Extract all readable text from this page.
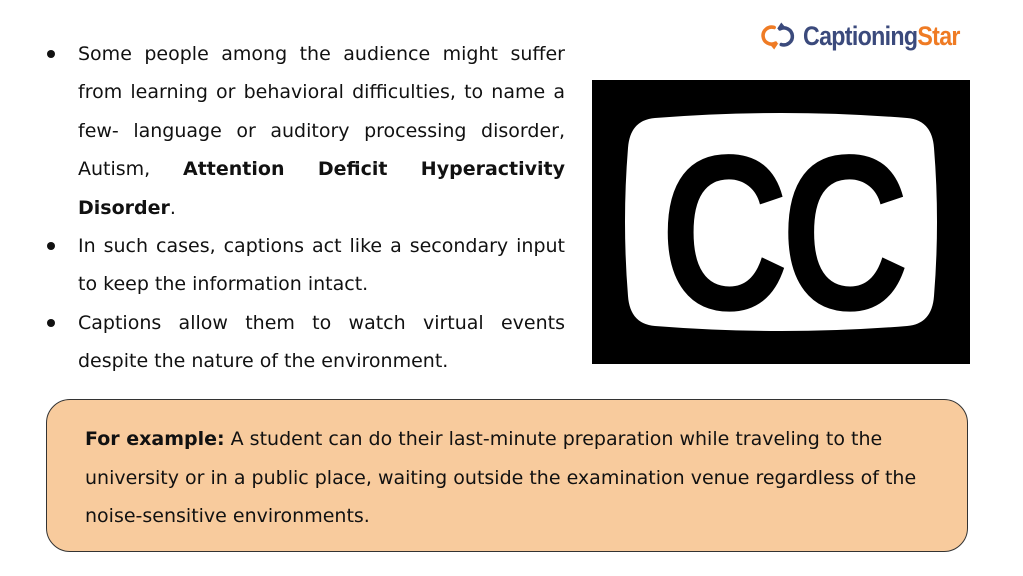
CaptioningStar
Some people among the audience might suffer from learning or behavioral difficulties, to name a few- language or auditory processing disorder, Autism, Attention Deficit Hyperactivity Disorder.
In such cases, captions act like a secondary input to keep the information intact.
Captions allow them to watch virtual events despite the nature of the environment.
CC
For example: A student can do their last-minute preparation while traveling to the university or in a public place, waiting outside the examination venue regardless of the noise-sensitive environments.
